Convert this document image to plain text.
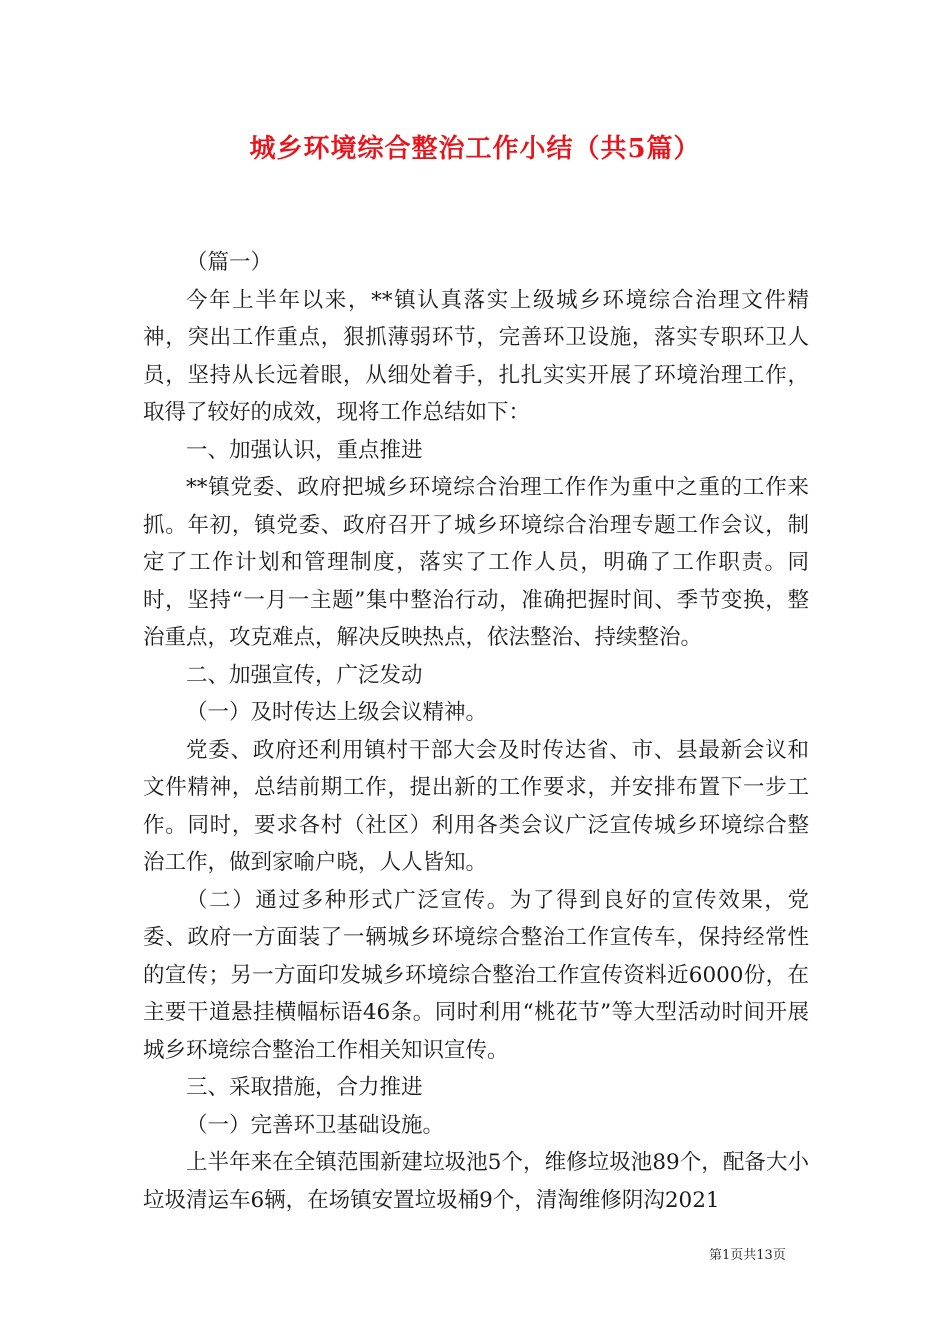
城乡环境综合整治工作小结（共5篇）

（篇一）

今年上半年以来，**镇认真落实上级城乡环境综合治理文件精神，突出工作重点，狠抓薄弱环节，完善环卫设施，落实专职环卫人员，坚持从长远着眼，从细处着手，扎扎实实开展了环境治理工作，取得了较好的成效，现将工作总结如下：

一、加强认识，重点推进

**镇党委、政府把城乡环境综合治理工作作为重中之重的工作来抓。年初，镇党委、政府召开了城乡环境综合治理专题工作会议，制定了工作计划和管理制度，落实了工作人员，明确了工作职责。同时，坚持“一月一主题”集中整治行动，准确把握时间、季节变换，整治重点，攻克难点，解决反映热点，依法整治、持续整治。

二、加强宣传，广泛发动

（一）及时传达上级会议精神。

党委、政府还利用镇村干部大会及时传达省、市、县最新会议和文件精神，总结前期工作，提出新的工作要求，并安排布置下一步工作。同时，要求各村（社区）利用各类会议广泛宣传城乡环境综合整治工作，做到家喻户晓，人人皆知。

（二）通过多种形式广泛宣传。为了得到良好的宣传效果，党委、政府一方面装了一辆城乡环境综合整治工作宣传车，保持经常性的宣传；另一方面印发城乡环境综合整治工作宣传资料近6000份，在主要干道悬挂横幅标语46条。同时利用“桃花节”等大型活动时间开展城乡环境综合整治工作相关知识宣传。

三、采取措施，合力推进

（一）完善环卫基础设施。

上半年来在全镇范围新建垃圾池5个，维修垃圾池89个，配备大小垃圾清运车6辆，在场镇安置垃圾桶9个，清淘维修阴沟2021

第1页共13页
